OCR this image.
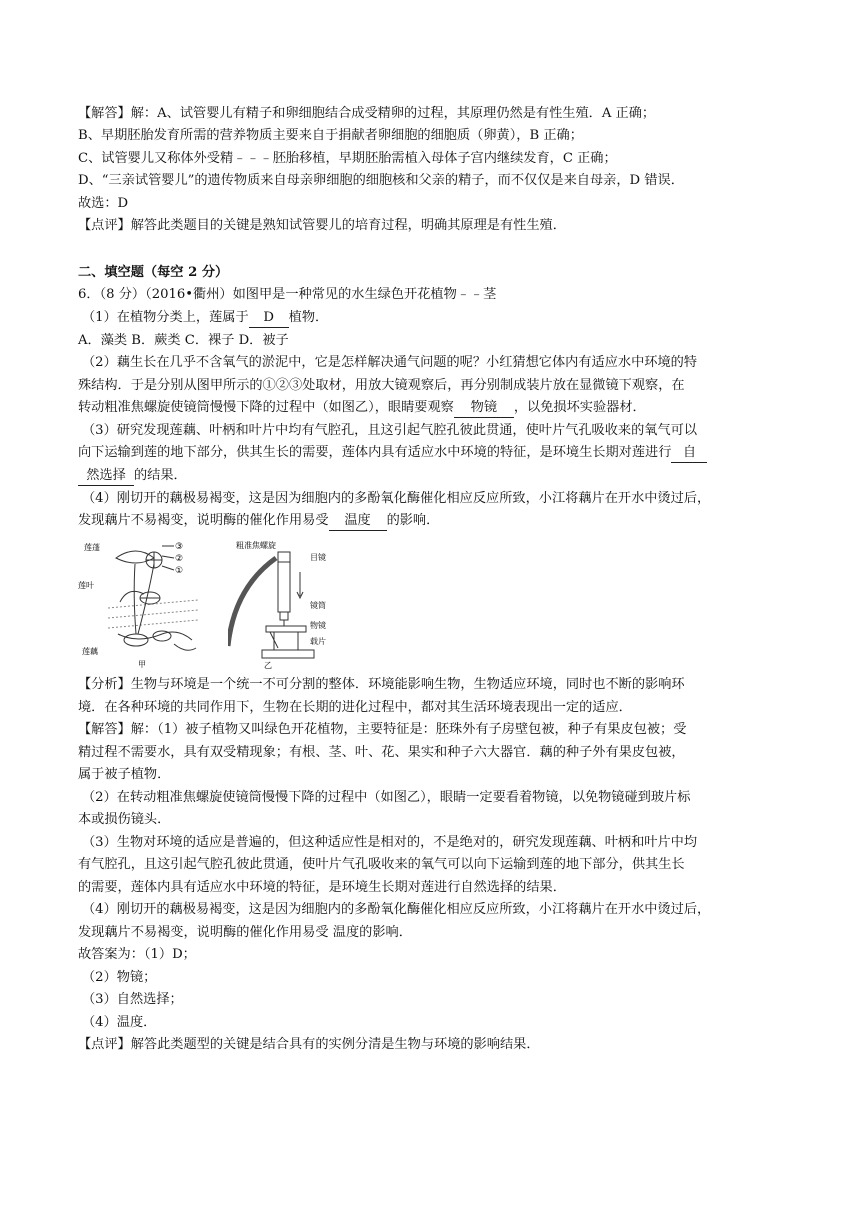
【解答】解：A、试管婴儿有精子和卵细胞结合成受精卵的过程，其原理仍然是有性生殖．A 正确；
B、早期胚胎发育所需的营养物质主要来自于捐献者卵细胞的细胞质（卵黄），B 正确；
C、试管婴儿又称体外受精﹣﹣﹣胚胎移植，早期胚胎需植入母体子宫内继续发育，C 正确；
D、“三亲试管婴儿”的遗传物质来自母亲卵细胞的细胞核和父亲的精子，而不仅仅是来自母亲，D 错误．
故选：D
【点评】解答此类题目的关键是熟知试管婴儿的培育过程，明确其原理是有性生殖．
二、填空题（每空 2 分）
6．（8 分）（2016•衢州）如图甲是一种常见的水生绿色开花植物﹣﹣茎
（1）在植物分类上，莲属于 D 植物．
A．藻类 B．蕨类 C．裸子 D．被子
（2）藕生长在几乎不含氧气的淤泥中，它是怎样解决通气问题的呢？小红猜想它体内有适应水中环境的特
殊结构．于是分别从图甲所示的①②③处取材，用放大镜观察后，再分别制成装片放在显微镜下观察，在
转动粗准焦螺旋使镜筒慢慢下降的过程中（如图乙），眼睛要观察 物镜 ，以免损坏实验器材．
（3）研究发现莲藕、叶柄和叶片中均有气腔孔，且这引起气腔孔彼此贯通，使叶片气孔吸收来的氧气可以
向下运输到莲的地下部分，供其生长的需要，莲体内具有适应水中环境的特征，是环境生长期对莲进行 自
然选择 的结果．
（4）刚切开的藕极易褐变，这是因为细胞内的多酚氧化酶催化相应反应所致，小江将藕片在开水中烫过后，
发现藕片不易褐变，说明酶的催化作用易受 温度 的影响．
莲蓬	③
②
①
莲叶
莲藕
甲
粗准焦螺旋
目镜
镜筒
物镜
载片
乙
【分析】生物与环境是一个统一不可分割的整体．环境能影响生物，生物适应环境，同时也不断的影响环
境．在各种环境的共同作用下，生物在长期的进化过程中，都对其生活环境表现出一定的适应．
【解答】解：（1）被子植物又叫绿色开花植物，主要特征是：胚珠外有子房壁包被，种子有果皮包被；受
精过程不需要水，具有双受精现象；有根、茎、叶、花、果实和种子六大器官．藕的种子外有果皮包被，
属于被子植物．
（2）在转动粗准焦螺旋使镜筒慢慢下降的过程中（如图乙），眼睛一定要看着物镜，以免物镜碰到玻片标
本或损伤镜头．
（3）生物对环境的适应是普遍的，但这种适应性是相对的，不是绝对的，研究发现莲藕、叶柄和叶片中均
有气腔孔，且这引起气腔孔彼此贯通，使叶片气孔吸收来的氧气可以向下运输到莲的地下部分，供其生长
的需要，莲体内具有适应水中环境的特征，是环境生长期对莲进行自然选择的结果．
（4）刚切开的藕极易褐变，这是因为细胞内的多酚氧化酶催化相应反应所致，小江将藕片在开水中烫过后，
发现藕片不易褐变，说明酶的催化作用易受 温度的影响．
故答案为：（1）D；
（2）物镜；
（3）自然选择；
（4）温度．
【点评】解答此类题型的关键是结合具有的实例分清是生物与环境的影响结果．
